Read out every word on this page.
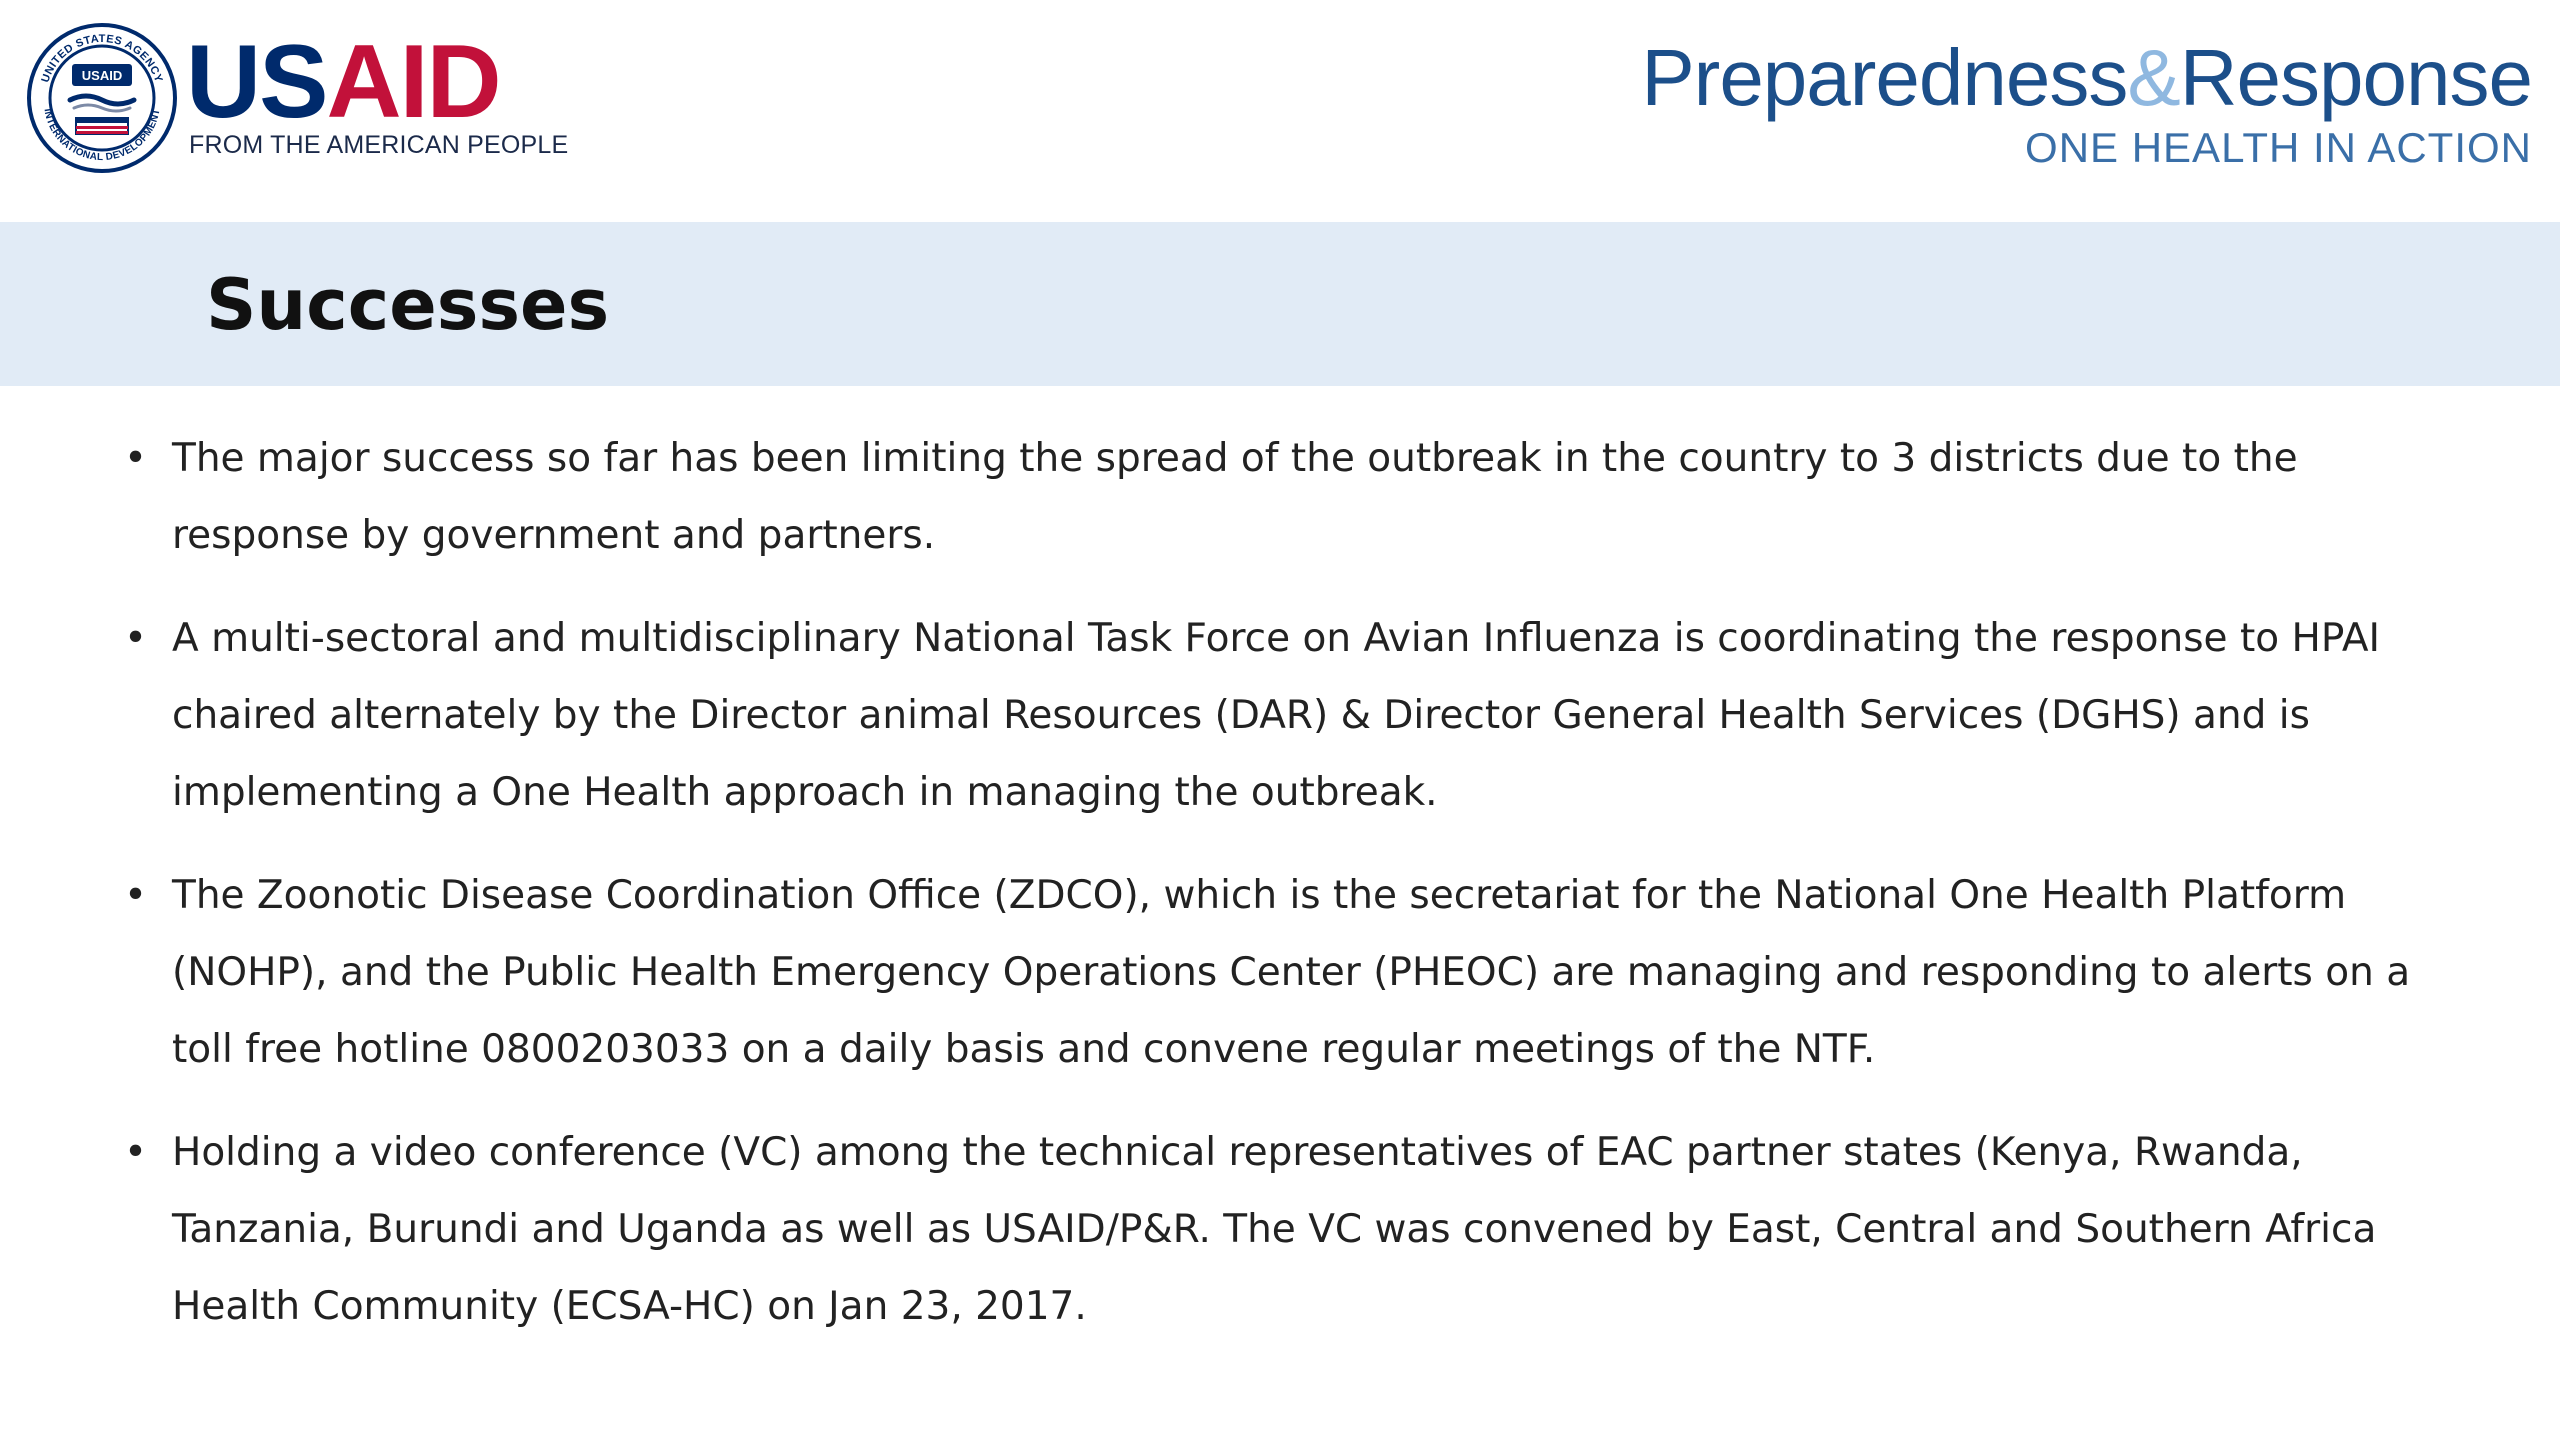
UNITED STATES AGENCY
INTERNATIONAL DEVELOPMENT
USAID USAID
FROM THE AMERICAN PEOPLE
Preparedness&Response
ONE HEALTH IN ACTION
Successes
• The major success so far has been limiting the spread of the outbreak in the country to 3 districts due to the response by government and partners.
• A multi-sectoral and multidisciplinary National Task Force on Avian Influenza is coordinating the response to HPAI chaired alternately by the Director animal Resources (DAR) & Director General Health Services (DGHS) and is implementing a One Health approach in managing the outbreak.
• The Zoonotic Disease Coordination Office (ZDCO), which is the secretariat for the National One Health Platform (NOHP), and the Public Health Emergency Operations Center (PHEOC) are managing and responding to alerts on a toll free hotline 0800203033 on a daily basis and convene regular meetings of the NTF.
• Holding a video conference (VC) among the technical representatives of EAC partner states (Kenya, Rwanda, Tanzania, Burundi and Uganda as well as USAID/P&R. The VC was convened by East, Central and Southern Africa Health Community (ECSA-HC) on Jan 23, 2017.
